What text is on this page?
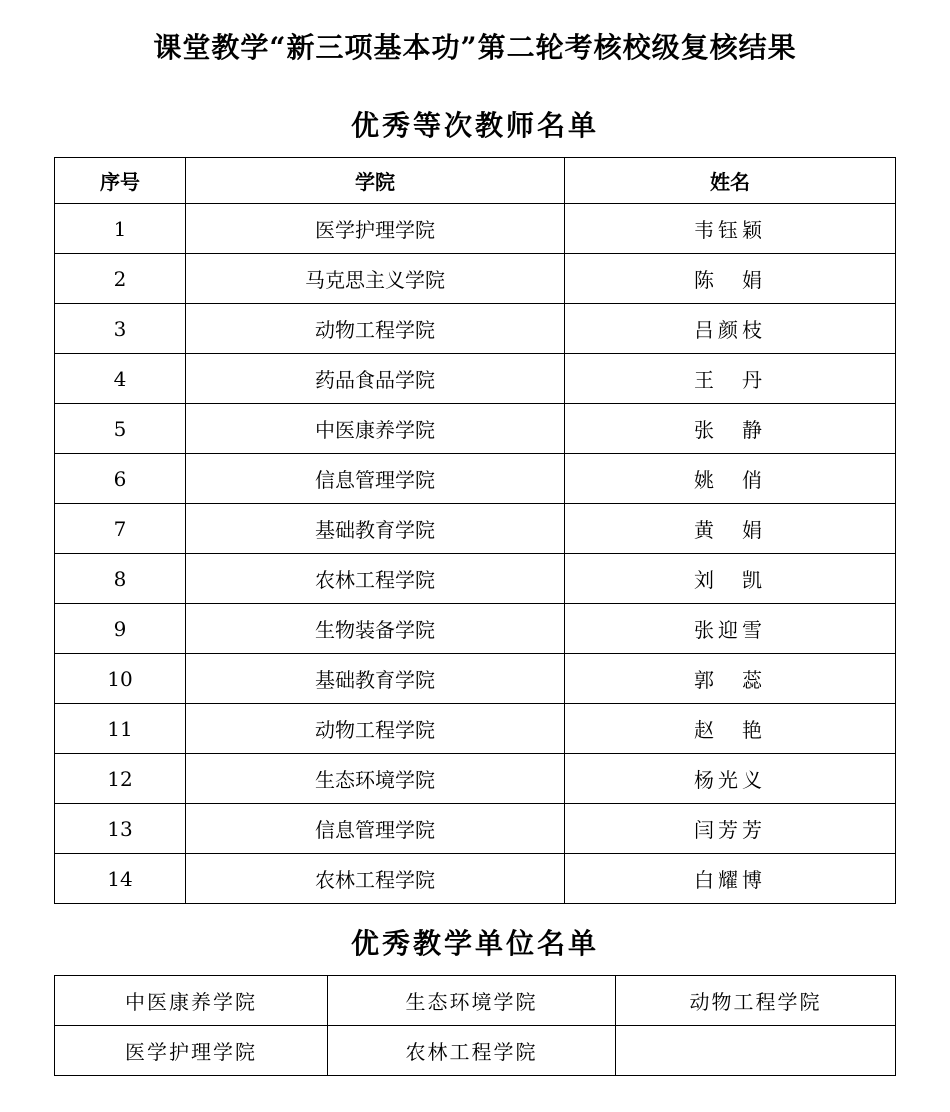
课堂教学“新三项基本功”第二轮考核校级复核结果
优秀等次教师名单
序号	学院	姓名
1	医学护理学院	韦钰颖
2	马克思主义学院	陈　娟
3	动物工程学院	吕颜枝
4	药品食品学院	王　丹
5	中医康养学院	张　静
6	信息管理学院	姚　俏
7	基础教育学院	黄　娟
8	农林工程学院	刘　凯
9	生物装备学院	张迎雪
10	基础教育学院	郭　蕊
11	动物工程学院	赵　艳
12	生态环境学院	杨光义
13	信息管理学院	闫芳芳
14	农林工程学院	白耀博
优秀教学单位名单
中医康养学院	生态环境学院	动物工程学院
医学护理学院	农林工程学院	
